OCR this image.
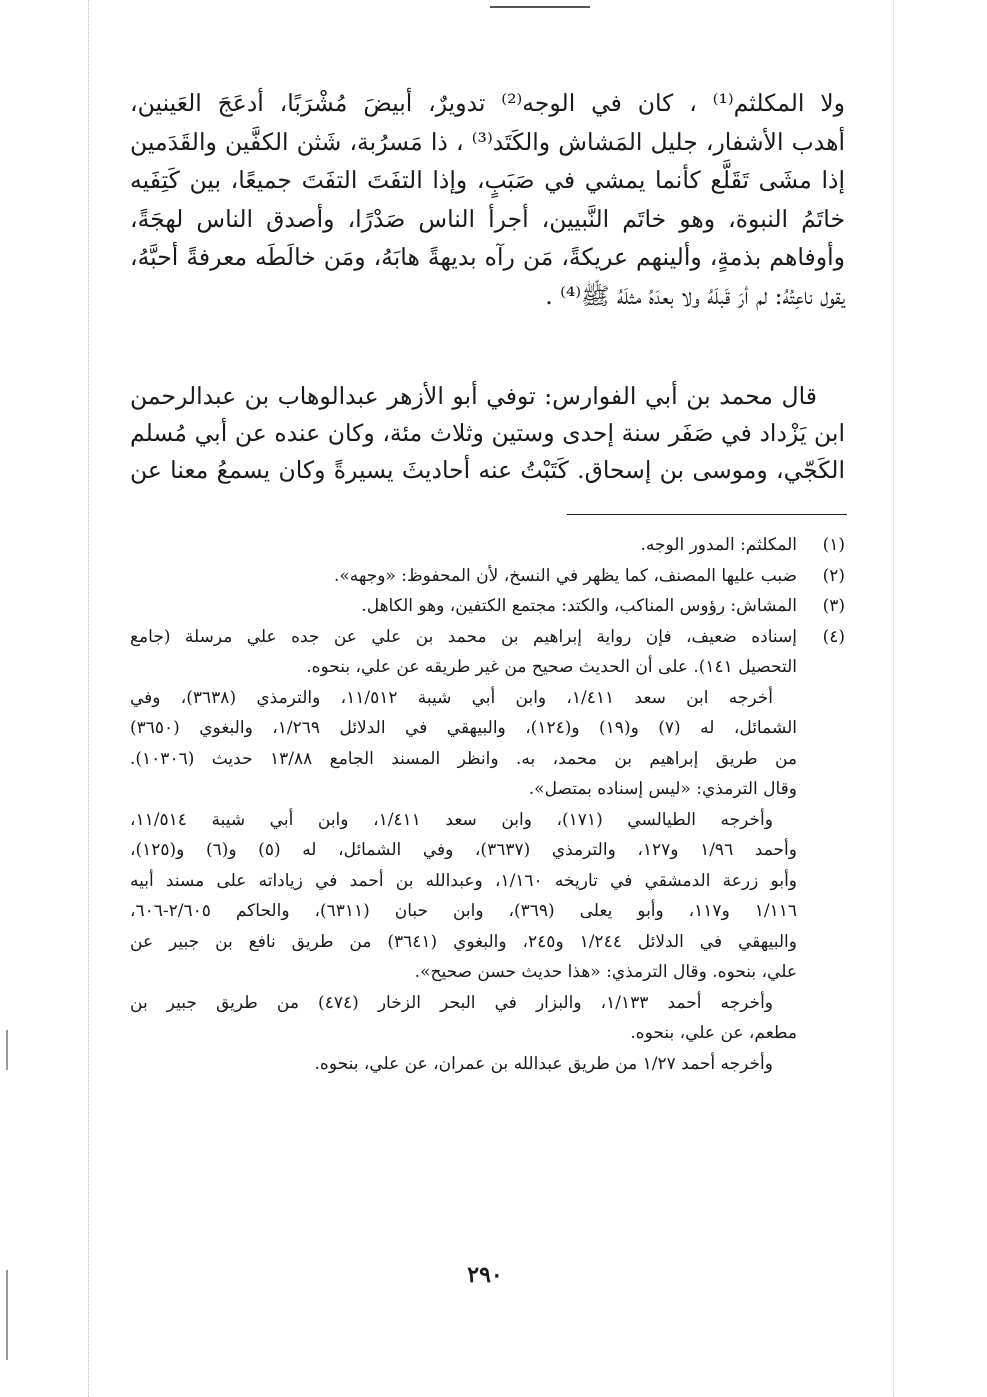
ولا المكلثم⁽¹⁾ ، كان في الوجه⁽²⁾ تدويرٌ، أبيضَ مُشْرَبًا، أدعَجَ العَينين،
أهدب الأشفار، جليل المَشاش والكَتَد⁽³⁾ ، ذا مَسرُبة، شَثن الكفَّين والقَدَمين
إذا مشَى تَقَلَّع كأنما يمشي في صَبَبٍ، وإذا التفَتَ التفَتَ جميعًا، بين كَتِفَيه
خاتَمُ النبوة، وهو خاتَم النَّبيين، أجرأ الناس صَدْرًا، وأصدق الناس لهجَةً،
وأوفاهم بذمةٍ، وألينهم عريكةً، مَن رآه بديهةً هابَهُ، ومَن خالَطَه معرفةً أحبَّهُ،
يقول ناعِتُهُ: لم أرَ قَبلَهُ ولا بعدَهُ مثلَهُ ﷺ⁽⁴⁾ .
قال محمد بن أبي الفوارس: توفي أبو الأزهر عبدالوهاب بن عبدالرحمن
ابن يَزْداد في صَفَر سنة إحدى وستين وثلاث مئة، وكان عنده عن أبي مُسلم
الكَجّي، وموسى بن إسحاق. كَتَبْتُ عنه أحاديثَ يسيرةً وكان يسمعُ معنا عن
(١)
المكلثم: المدور الوجه.
(٢)
ضبب عليها المصنف، كما يظهر في النسخ، لأن المحفوظ: «وجهه».
(٣)
المشاش: رؤوس المناكب، والكتد: مجتمع الكتفين، وهو الكاهل.
(٤)
إسناده ضعيف، فإن رواية إبراهيم بن محمد بن علي عن جده علي مرسلة (جامع
التحصيل ١٤١). على أن الحديث صحيح من غير طريقه عن علي، بنحوه.
أخرجه ابن سعد ١/٤١١، وابن أبي شيبة ١١/٥١٢، والترمذي (٣٦٣٨)، وفي
الشمائل، له (٧) و(١٩) و(١٢٤)، والبيهقي في الدلائل ١/٢٦٩، والبغوي (٣٦٥٠)
من طريق إبراهيم بن محمد، به. وانظر المسند الجامع ١٣/٨٨ حديث (١٠٣٠٦).
وقال الترمذي: «ليس إسناده بمتصل».
وأخرجه الطيالسي (١٧١)، وابن سعد ١/٤١١، وابن أبي شيبة ١١/٥١٤،
وأحمد ١/٩٦ و١٢٧، والترمذي (٣٦٣٧)، وفي الشمائل، له (٥) و(٦) و(١٢٥)،
وأبو زرعة الدمشقي في تاريخه ١/١٦٠، وعبدالله بن أحمد في زياداته على مسند أبيه
١/١١٦ و١١٧، وأبو يعلى (٣٦٩)، وابن حبان (٦٣١١)، والحاكم ٢/٦٠٥-٦٠٦،
والبيهقي في الدلائل ١/٢٤٤ و٢٤٥، والبغوي (٣٦٤١) من طريق نافع بن جبير عن
علي، بنحوه. وقال الترمذي: «هذا حديث حسن صحيح».
وأخرجه أحمد ١/١٣٣، والبزار في البحر الزخار (٤٧٤) من طريق جبير بن
مطعم، عن علي، بنحوه.
وأخرجه أحمد ١/٢٧ من طريق عبدالله بن عمران، عن علي، بنحوه.
٢٩٠
